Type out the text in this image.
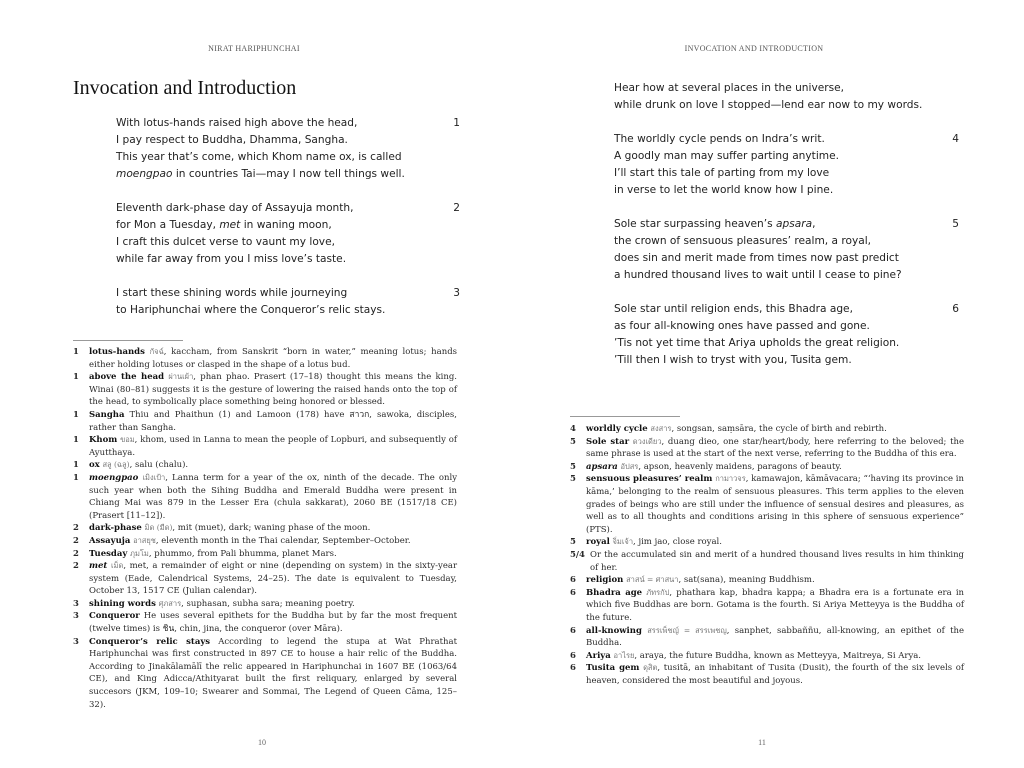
NIRAT HARIPHUNCHAI
Invocation and Introduction
With lotus-hands raised high above the head,
I pay respect to Buddha, Dhamma, Sangha.
This year that’s come, which Khom name ox, is called
moengpao in countries Tai—may I now tell things well.
1
Eleventh dark-phase day of Assayuja month,
for Mon a Tuesday, met in waning moon,
I craft this dulcet verse to vaunt my love,
while far away from you I miss love’s taste.
2
I start these shining words while journeying
to Hariphunchai where the Conqueror’s relic stays.
3
1 lotus-hands กัจฉ์, kaccham, from Sanskrit “born in water,” meaning lotus; hands either holding lotuses or clasped in the shape of a lotus bud.
1 above the head ผ่านเผ้า, phan phao. Prasert (17–18) thought this means the king. Winai (80–81) suggests it is the gesture of lowering the raised hands onto the top of the head, to symbolically place something being honored or blessed.
1 Sangha Thiu and Phaithun (1) and Lamoon (178) have สาวก, sawoka, disciples, rather than Sangha.
1 Khom ขอม, khom, used in Lanna to mean the people of Lopburi, and subsequently of Ayutthaya.
1 ox สลู (ฉลู), salu (chalu).
1 moengpao เมิงเป้า, Lanna term for a year of the ox, ninth of the decade. The only such year when both the Sihing Buddha and Emerald Buddha were present in Chiang Mai was 879 in the Lesser Era (chula sakkarat), 2060 BE (1517/18 CE) (Prasert [11–12]).
2 dark-phase มิด (มืด), mit (muet), dark; waning phase of the moon.
2 Assayuja อาสยุช, eleventh month in the Thai calendar, September–October.
2 Tuesday ภุมโม, phummo, from Pali bhumma, planet Mars.
2 met เม็ด, met, a remainder of eight or nine (depending on system) in the sixty-year system (Eade, Calendrical Systems, 24–25). The date is equivalent to Tuesday, October 13, 1517 CE (Julian calendar).
3 shining words ศุภสาร, suphasan, subha sara; meaning poetry.
3 Conqueror He uses several epithets for the Buddha but by far the most frequent (twelve times) is ชิน, chin, jina, the conqueror (over Māra).
3 Conqueror’s relic stays According to legend the stupa at Wat Phrathat Hariphunchai was first constructed in 897 CE to house a hair relic of the Buddha. According to Jinakālamālī the relic appeared in Hariphunchai in 1607 BE (1063/64 CE), and King Adicca/Athityarat built the first reliquary, enlarged by several succesors (JKM, 109–10; Swearer and Sommai, The Legend of Queen Cāma, 125–32).
10
INVOCATION AND INTRODUCTION
Hear how at several places in the universe,
while drunk on love I stopped—lend ear now to my words.
The worldly cycle pends on Indra’s writ.
A goodly man may suffer parting anytime.
I’ll start this tale of parting from my love
in verse to let the world know how I pine.
4
Sole star surpassing heaven’s apsara,
the crown of sensuous pleasures’ realm, a royal,
does sin and merit made from times now past predict
a hundred thousand lives to wait until I cease to pine?
5
Sole star until religion ends, this Bhadra age,
as four all-knowing ones have passed and gone.
’Tis not yet time that Ariya upholds the great religion.
’Till then I wish to tryst with you, Tusita gem.
6
4 worldly cycle สงสาร, songsan, saṃsāra, the cycle of birth and rebirth.
5 Sole star ดวงเดียว, duang dieo, one star/heart/body, here referring to the beloved; the same phrase is used at the start of the next verse, referring to the Buddha of this era.
5 apsara อัปสร, apson, heavenly maidens, paragons of beauty.
5 sensuous pleasures’ realm กามาวจร, kamawajon, kāmāvacara; “‘having its province in kāma,’ belonging to the realm of sensuous pleasures. This term applies to the eleven grades of beings who are still under the influence of sensual desires and pleasures, as well as to all thoughts and conditions arising in this sphere of sensuous experience” (PTS).
5 royal จิ่มเจ้า, jim jao, close royal.
5/4 Or the accumulated sin and merit of a hundred thousand lives results in him thinking of her.
6 religion สาสน์ = ศาสนา, sat(sana), meaning Buddhism.
6 Bhadra age ภัทรกัป, phathara kap, bhadra kappa; a Bhadra era is a fortunate era in which five Buddhas are born. Gotama is the fourth. Si Ariya Metteyya is the Buddha of the future.
6 all-knowing สรรเพ็ชญ์ = สรรเพชญ, sanphet, sabbaññu, all-knowing, an epithet of the Buddha.
6 Ariya อาไรย, araya, the future Buddha, known as Metteyya, Maitreya, Si Arya.
6 Tusita gem ดุสิต, tusitā, an inhabitant of Tusita (Dusit), the fourth of the six levels of heaven, considered the most beautiful and joyous.
11
